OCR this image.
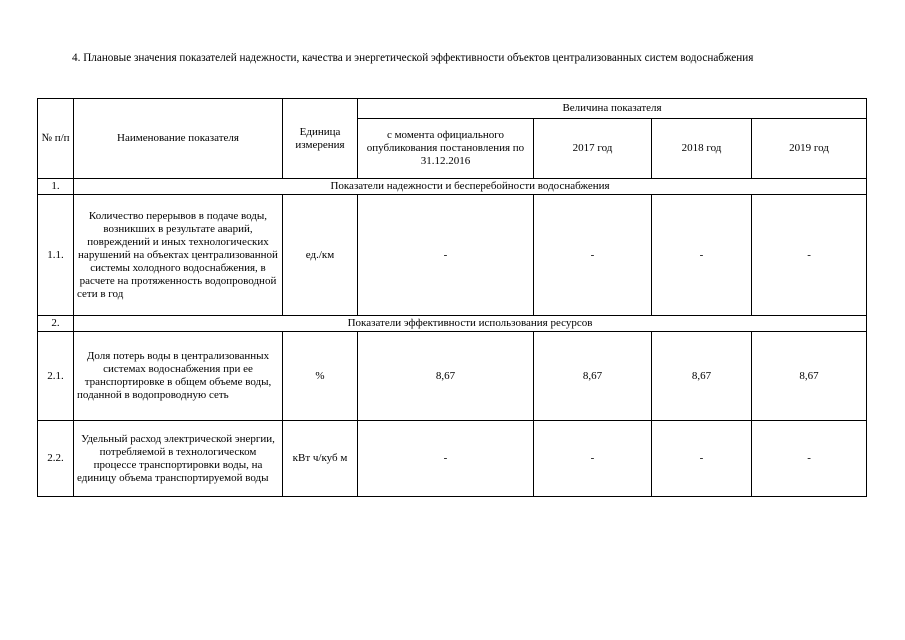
4. Плановые значения показателей надежности, качества и энергетической эффективности объектов централизованных систем водоснабжения
№ п/п	Наименование показателя	Единица измерения	Величина показателя			
			с момента официального опубликования постановления по 31.12.2016	2017 год	2018 год	2019 год
1.	Показатели надежности и бесперебойности водоснабжения					
1.1.	Количество перерывов в подаче воды, возникших в результате аварий, повреждений и иных технологических нарушений на объектах централизованной системы холодного водоснабжения, в расчете на протяженность водопроводной сети в год	ед./км	-	-	-	-
2.	Показатели эффективности использования ресурсов					
2.1.	Доля потерь воды в централизованных системах водоснабжения при ее транспортировке в общем объеме воды, поданной в водопроводную сеть	%	8,67	8,67	8,67	8,67
2.2.	Удельный расход электрической энергии, потребляемой в технологическом процессе транспортировки воды, на единицу объема транспортируемой воды	кВт ч/куб м	-	-	-	-
